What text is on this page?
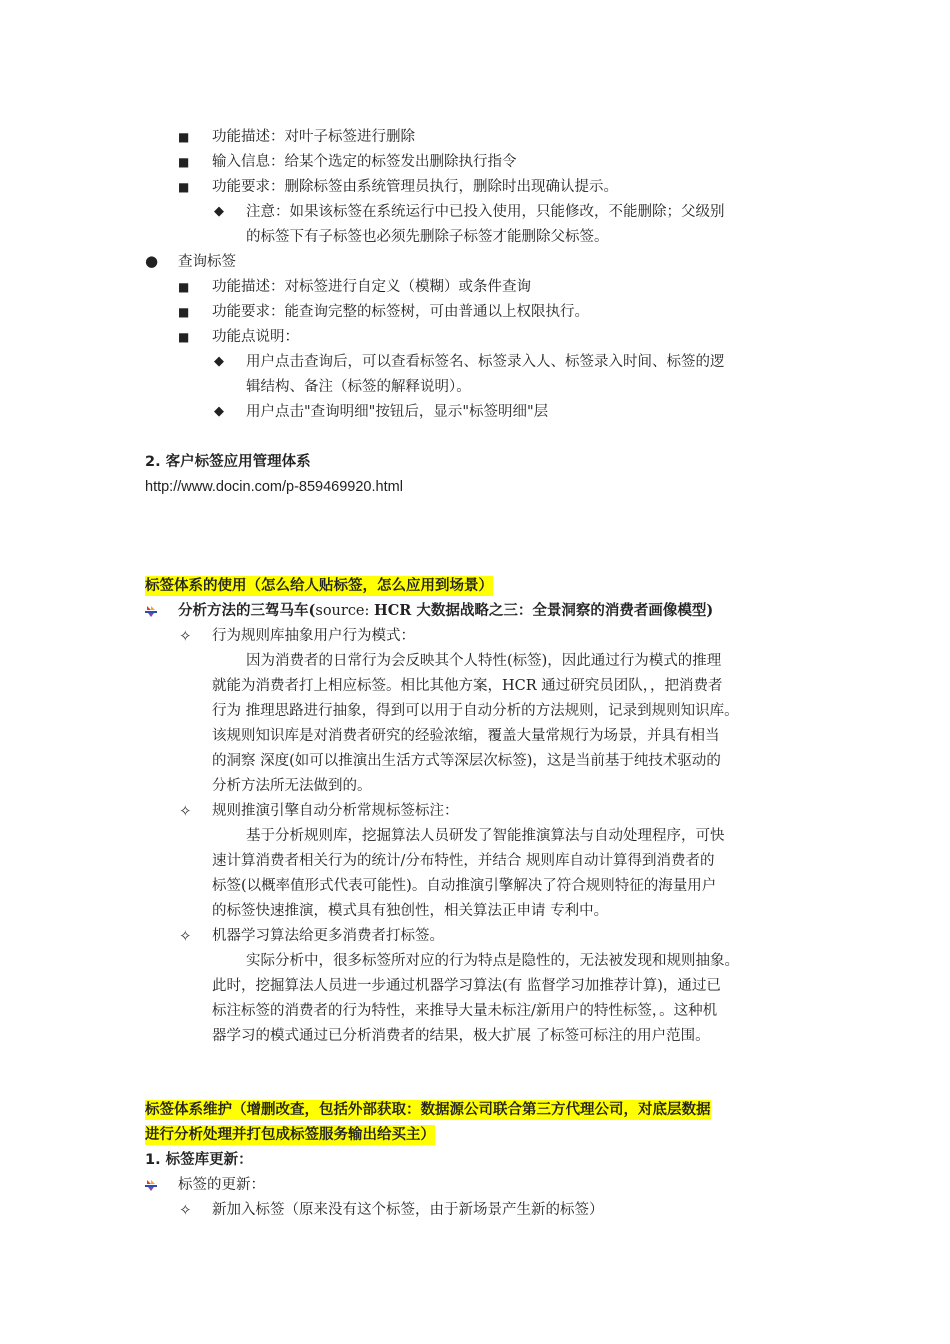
■ 功能描述：对叶子标签进行删除
■ 输入信息：给某个选定的标签发出删除执行指令
■ 功能要求：删除标签由系统管理员执行，删除时出现确认提示。
◆ 注意：如果该标签在系统运行中已投入使用，只能修改，不能删除；父级别
的标签下有子标签也必须先删除子标签才能删除父标签。
● 查询标签
■ 功能描述：对标签进行自定义（模糊）或条件查询
■ 功能要求：能查询完整的标签树，可由普通以上权限执行。
■ 功能点说明：
◆ 用户点击查询后，可以查看标签名、标签录入人、标签录入时间、标签的逻
辑结构、备注（标签的解释说明）。
◆ 用户点击"查询明细"按钮后，显示"标签明细"层
2. 客户标签应用管理体系
http://www.docin.com/p-859469920.html
标签体系的使用（怎么给人贴标签，怎么应用到场景）
分析方法的三驾马车(source: HCR 大数据战略之三：全景洞察的消费者画像模型)
✧ 行为规则库抽象用户行为模式：
因为消费者的日常行为会反映其个人特性(标签)，因此通过行为模式的推理
就能为消费者打上相应标签。相比其他方案，HCR 通过研究员团队，，把消费者
行为 推理思路进行抽象，得到可以用于自动分析的方法规则，记录到规则知识库。
该规则知识库是对消费者研究的经验浓缩，覆盖大量常规行为场景，并具有相当
的洞察 深度(如可以推演出生活方式等深层次标签)，这是当前基于纯技术驱动的
分析方法所无法做到的。
✧ 规则推演引擎自动分析常规标签标注：
基于分析规则库，挖掘算法人员研发了智能推演算法与自动处理程序，可快
速计算消费者相关行为的统计/分布特性，并结合 规则库自动计算得到消费者的
标签(以概率值形式代表可能性)。自动推演引擎解决了符合规则特征的海量用户
的标签快速推演，模式具有独创性，相关算法正申请 专利中。
✧ 机器学习算法给更多消费者打标签。
实际分析中，很多标签所对应的行为特点是隐性的，无法被发现和规则抽象。
此时，挖掘算法人员进一步通过机器学习算法(有 监督学习加推荐计算)，通过已
标注标签的消费者的行为特性，来推导大量未标注/新用户的特性标签，。这种机
器学习的模式通过已分析消费者的结果，极大扩展 了标签可标注的用户范围。
标签体系维护（增删改查，包括外部获取：数据源公司联合第三方代理公司，对底层数据
进行分析处理并打包成标签服务输出给买主）
1. 标签库更新：
标签的更新：
✧ 新加入标签（原来没有这个标签，由于新场景产生新的标签）
